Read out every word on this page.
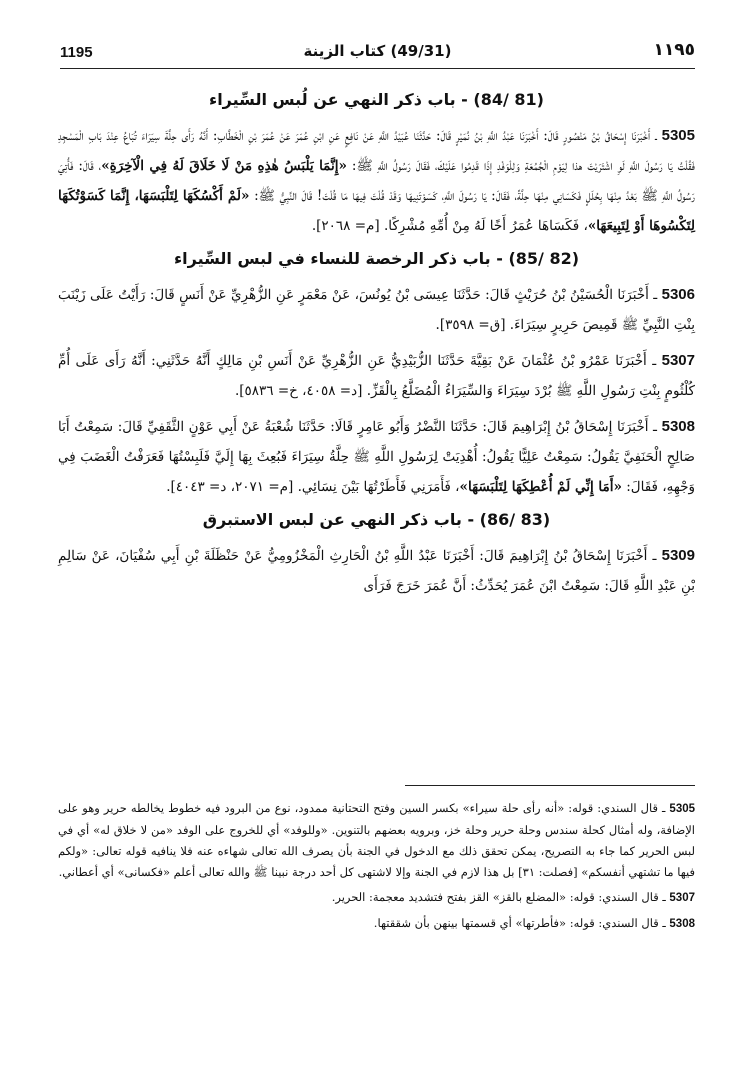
1195	(49/31) كتاب الزينة	١١٩٥
(81 /84) - باب ذكر النهي عن لُبس السِّيراء

5305 ـ أَخْبَرَنَا إِسْحَاقُ بْنُ مَنْصُورٍ قَالَ: أَخْبَرَنَا عَبْدُ اللَّهِ بْنُ نُمَيْرٍ قَالَ: حَدَّثَنَا عُبَيْدُ اللَّهِ عَنْ نَافِعٍ عَنِ ابْنِ عُمَرَ عَنْ عُمَرَ بْنِ الْخَطَّابِ: أَنَّهُ رَأَى حِلَّةَ سِيَرَاءَ تُبَاعُ عِنْدَ بَابِ الْمَسْجِدِ فَقُلْتُ يَا رَسُولَ اللَّهِ لَوِ اشْتَرَيْتَ هذا لِيَوْمِ الْجُمُعَةِ وَلِلْوَفْدِ إِذَا قَدِمُوا عَلَيْكَ، فَقَالَ رَسُولُ اللَّهِ ﷺ: «إِنَّمَا يَلْبَسُ هٰذِهِ مَنْ لَا خَلَاقَ لَهُ فِي الْآخِرَةِ»، قَالَ: فَأُتِيَ رَسُولُ اللَّهِ ﷺ بَعْدُ مِنْهَا بِحُلَلٍ فَكَسَانِي مِنْهَا حِلَّةً، فَقَالَ: يَا رَسُولَ اللَّهِ، كَسَوْتَنِيهَا وَقَدْ قُلْتَ فِيهَا مَا قُلْتَ! قَالَ النَّبِيُّ ﷺ: «لَمْ أَكْسُكَهَا لِتَلْبَسَهَا، إِنَّمَا كَسَوْتُكَهَا لِتَكْسُوهَا أَوْ لِتَبِيعَهَا»، فَكَسَاهَا عُمَرُ أَخًا لَهُ مِنْ أُمِّهِ مُشْرِكًا. [م= ٢٠٦٨].

(82 /85) - باب ذكر الرخصة للنساء في لبس السِّيراء

5306 ـ أَخْبَرَنَا الْحُسَيْنُ بْنُ حُرَيْثٍ قَالَ: حَدَّثَنَا عِيسَى بْنُ يُونُسَ، عَنْ مَعْمَرٍ عَنِ الزُّهْرِيِّ عَنْ أَنَسٍ قَالَ: رَأَيْتُ عَلَى زَيْنَبَ بِنْتِ النَّبِيِّ ﷺ قَمِيصَ حَرِيرٍ سِيَرَاءَ. [ق= ٣٥٩٨].

5307 ـ أَخْبَرَنَا عَمْرُو بْنُ عُثْمَانَ عَنْ بَقِيَّةَ حَدَّثَنَا الزُّبَيْدِيُّ عَنِ الزُّهْرِيِّ عَنْ أَنَسِ بْنِ مَالِكٍ أَنَّهُ حَدَّثَنِي: أَنَّهُ رَأَى عَلَى أُمِّ كُلْثُومٍ بِنْتِ رَسُولِ اللَّهِ ﷺ بُرْدَ سِيَرَاءَ وَالسِّيَرَاءُ الْمُضَلَّعُ بِالْقَزِّ. [د= ٤٠٥٨، خ= ٥٨٣٦].

5308 ـ أَخْبَرَنَا إِسْحَاقُ بْنُ إِبْرَاهِيمَ قَالَ: حَدَّثَنَا النَّضْرُ وَأَبُو عَامِرٍ قَالَا: حَدَّثَنَا شُعْبَةُ عَنْ أَبِي عَوْنٍ الثَّقَفِيِّ قَالَ: سَمِعْتُ أَبَا صَالِحٍ الْحَنَفِيَّ يَقُولُ: سَمِعْتُ عَلِيًّا يَقُولُ: أُهْدِيَتْ لِرَسُولِ اللَّهِ ﷺ حِلَّةُ سِيَرَاءَ فَبُعِثَ بِهَا إِلَيَّ فَلَبِسْتُهَا فَعَرَفْتُ الْغَضَبَ فِي وَجْهِهِ، فَقَالَ: «أَمَا إِنِّي لَمْ أُعْطِكَهَا لِتَلْبَسَهَا»، فَأَمَرَنِي فَأَطَرْتُهَا بَيْنَ نِسَائِي. [م= ٢٠٧١، د= ٤٠٤٣].

(83 /86) - باب ذكر النهي عن لبس الاستبرق

5309 ـ أَخْبَرَنَا إِسْحَاقُ بْنُ إِبْرَاهِيمَ قَالَ: أَخْبَرَنَا عَبْدُ اللَّهِ بْنُ الْحَارِثِ الْمَخْزُومِيُّ عَنْ حَنْظَلَةَ بْنِ أَبِي سُفْيَانَ، عَنْ سَالِمِ بْنِ عَبْدِ اللَّهِ قَالَ: سَمِعْتُ ابْنَ عُمَرَ يُحَدِّثُ: أَنَّ عُمَرَ خَرَجَ فَرَأَى

5305 ـ قال السندي: قوله: «أنه رأى حلة سيراء» بكسر السين وفتح التحتانية ممدود، نوع من البرود فيه خطوط يخالطه حرير وهو على الإضافة، وله أمثال كحلة سندس وحلة حرير وحلة خز، وبرويه بعضهم بالتنوين. «وللوفد» أي للخروج على الوفد «من لا خلاق له» أي في لبس الحرير كما جاء به التصريح، يمكن تحقق ذلك مع الدخول في الجنة بأن يصرف الله تعالى شهاءه عنه فلا ينافيه قوله تعالى: «ولكم فيها ما تشتهي أنفسكم» [فصلت: ٣١] بل هذا لازم في الجنة وإلا لاشتهى كل أحد درجة نبينا ﷺ والله تعالى أعلم «فكسانى» أي أعطاني.

5307 ـ قال السندي: قوله: «المضلع بالقز» القز بفتح فتشديد معجمة: الحرير.

5308 ـ قال السندي: قوله: «فأطرتها» أي قسمتها بينهن بأن شققتها.
